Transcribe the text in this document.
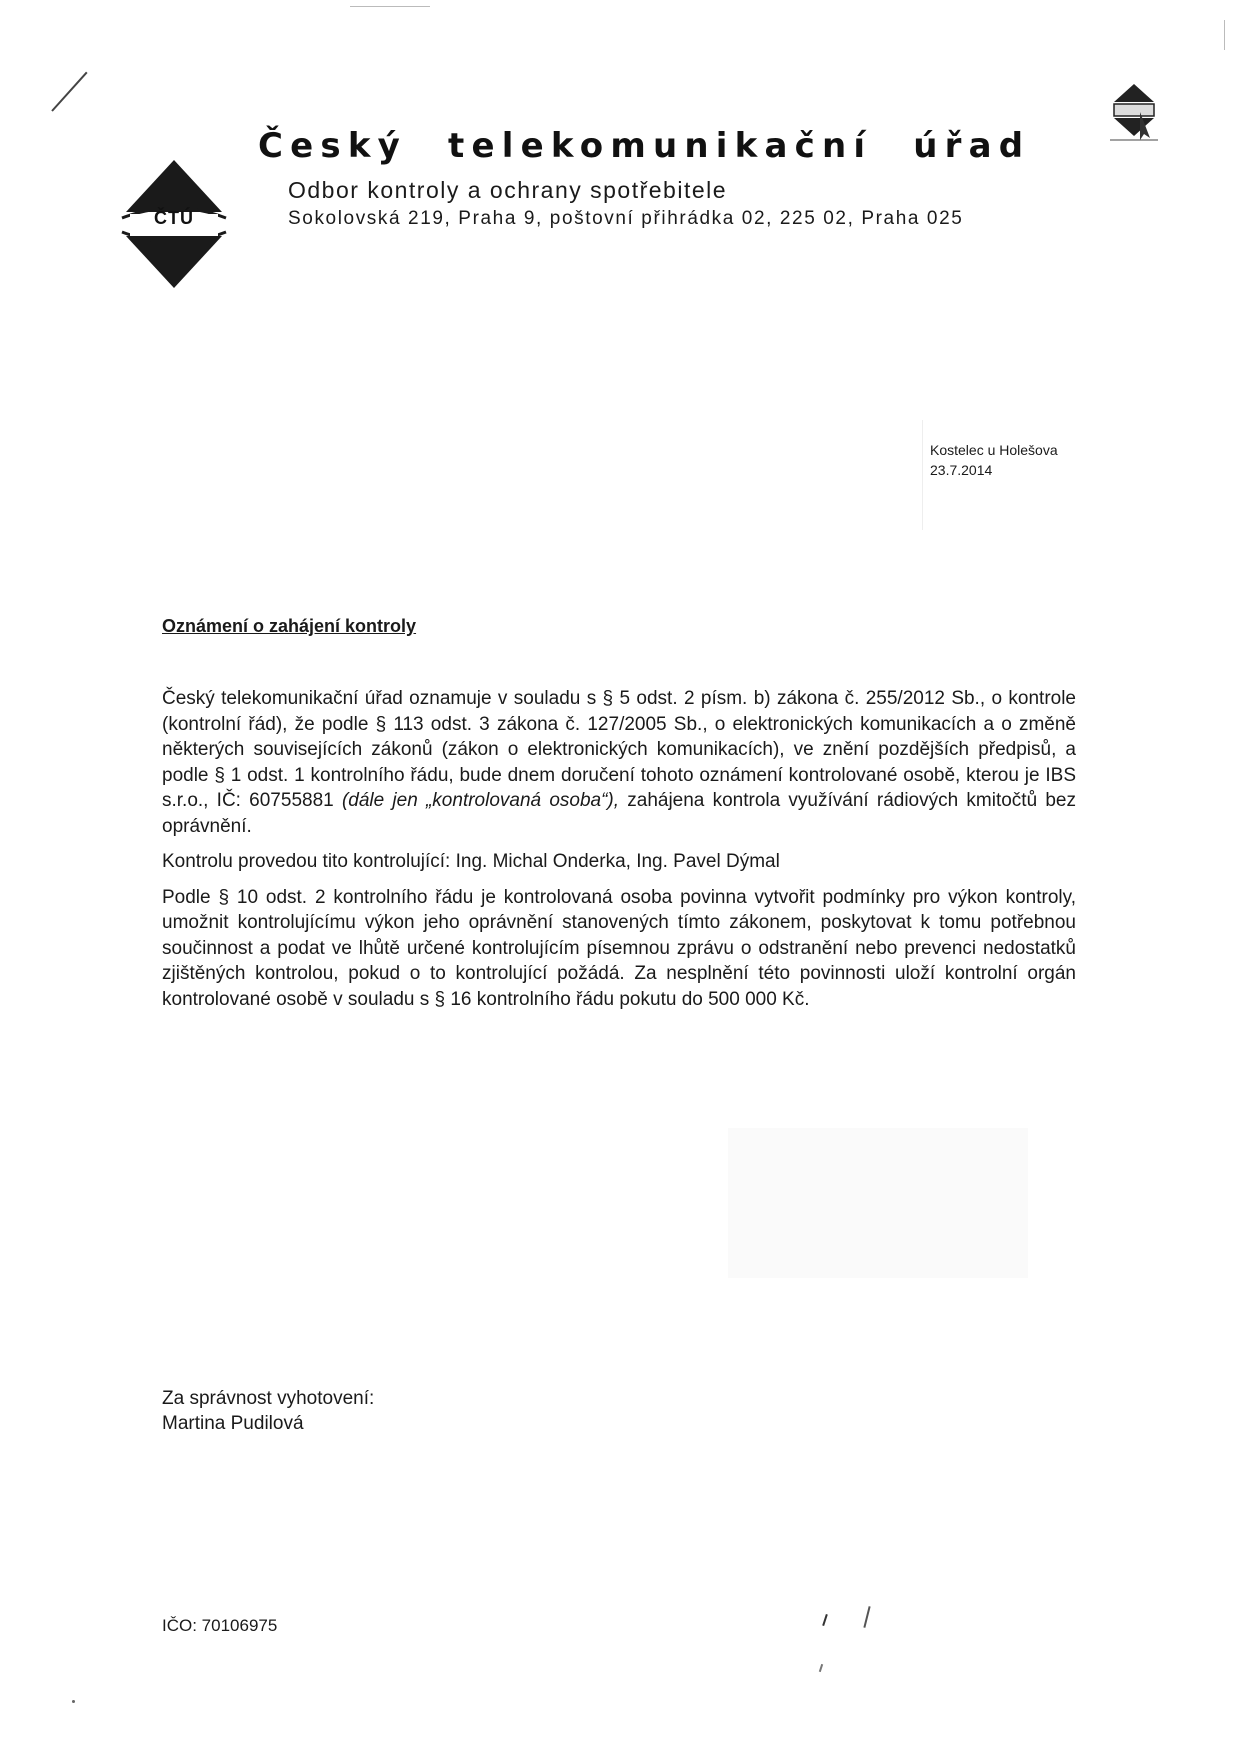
ČTÚ
Český telekomunikační úřad
Odbor kontroly a ochrany spotřebitele
Sokolovská 219, Praha 9, poštovní přihrádka 02, 225 02, Praha 025
Kostelec u Holešova
23.7.2014
Oznámení o zahájení kontroly

Český telekomunikační úřad oznamuje v souladu s § 5 odst. 2 písm. b) zákona č. 255/2012 Sb., o kontrole (kontrolní řád), že podle § 113 odst. 3 zákona č. 127/2005 Sb., o elektronických komunikacích a o změně některých souvisejících zákonů (zákon o elektronických komunikacích), ve znění pozdějších předpisů, a podle § 1 odst. 1 kontrolního řádu, bude dnem doručení tohoto oznámení kontrolované osobě, kterou je IBS s.r.o., IČ: 60755881 (dále jen „kontrolovaná osoba“), zahájena kontrola využívání rádiových kmitočtů bez oprávnění.

Kontrolu provedou tito kontrolující: Ing. Michal Onderka, Ing. Pavel Dýmal

Podle § 10 odst. 2 kontrolního řádu je kontrolovaná osoba povinna vytvořit podmínky pro výkon kontroly, umožnit kontrolujícímu výkon jeho oprávnění stanovených tímto zákonem, poskytovat k tomu potřebnou součinnost a podat ve lhůtě určené kontrolujícím písemnou zprávu o odstranění nebo prevenci nedostatků zjištěných kontrolou, pokud o to kontrolující požádá. Za nesplnění této povinnosti uloží kontrolní orgán kontrolované osobě v souladu s § 16 kontrolního řádu pokutu do 500 000 Kč.

Za správnost vyhotovení:
Martina Pudilová
IČO: 70106975
